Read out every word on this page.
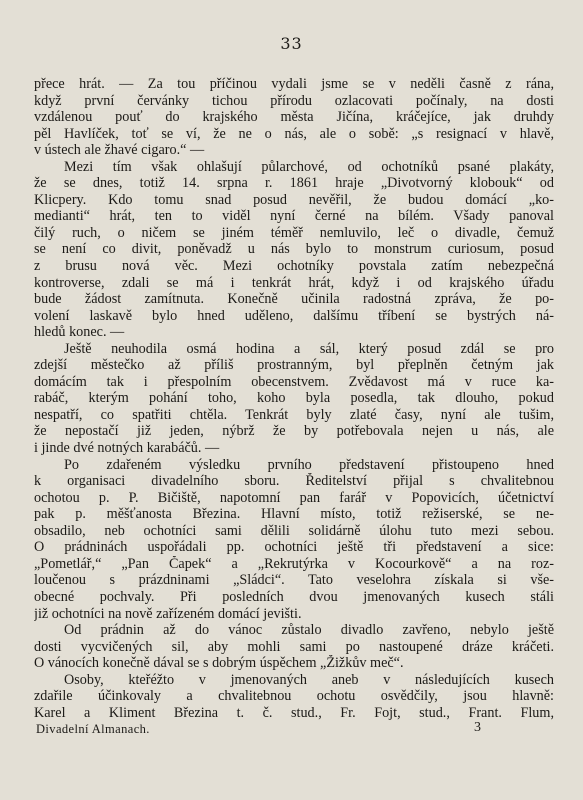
33
přece hrát. — Za tou příčinou vydali jsme se v neděli časně z rána,
když první červánky tichou přírodu ozlacovati počínaly, na dosti
vzdálenou pouť do krajského města Jičína, kráčejíce, jak druhdy
pěl Havlíček, toť se ví, že ne o nás, ale o sobě: „s resignací v hlavě,
v ústech ale žhavé cigaro.“ —
Mezi tím však ohlašují půlarchové, od ochotníků psané plakáty,
že se dnes, totiž 14. srpna r. 1861 hraje „Divotvorný klobouk“ od
Klicpery. Kdo tomu snad posud nevěřil, že budou domácí „ko-
medianti“ hrát, ten to viděl nyní černé na bílém. Všady panoval
čilý ruch, o ničem se jiném téměř nemluvilo, leč o divadle, čemuž
se není co divit, poněvadž u nás bylo to monstrum curiosum, posud
z brusu nová věc. Mezi ochotníky povstala zatím nebezpečná
kontroverse, zdali se má i tenkrát hrát, když i od krajského úřadu
bude žádost zamítnuta. Konečně učinila radostná zpráva, že po-
volení laskavě bylo hned uděleno, dalšímu tříbení se bystrých ná-
hledů konec. —
Ještě neuhodila osmá hodina a sál, který posud zdál se pro
zdejší městečko až příliš prostranným, byl přeplněn četným jak
domácím tak i přespolním obecenstvem. Zvědavost má v ruce ka-
rabáč, kterým pohání toho, koho byla posedla, tak dlouho, pokud
nespatří, co spatřiti chtěla. Tenkrát byly zlaté časy, nyní ale tušim,
že nepostačí již jeden, nýbrž že by potřebovala nejen u nás, ale
i jinde dvé notných karabáčů. —
Po zdařeném výsledku prvního představení přistoupeno hned
k organisaci divadelního sboru. Ředitelství přijal s chvalitebnou
ochotou p. P. Bičiště, napotomní pan farář v Popovicích, účetnictví
pak p. měšťanosta Březina. Hlavní místo, totiž režiserské, se ne-
obsadilo, neb ochotníci sami dělili solidárně úlohu tuto mezi sebou.
O prádninách uspořádali pp. ochotníci ještě tři představení a sice:
„Pometlář,“ „Pan Čapek“ a „Rekrutýrka v Kocourkově“ a na roz-
loučenou s prázdninami „Sládci“. Tato veselohra získala si vše-
obecné pochvaly. Při posledních dvou jmenovaných kusech stáli
již ochotníci na nově zařízeném domácí jevišti.
Od prádnin až do vánoc zůstalo divadlo zavřeno, nebylo ještě
dosti vycvičených sil, aby mohli sami po nastoupené dráze kráčeti.
O vánocích konečně dával se s dobrým úspěchem „Žižkův meč“.
Osoby, kteřéžto v jmenovaných aneb v následujících kusech
zdařile účinkovaly a chvalitebnou ochotu osvědčily, jsou hlavně:
Karel a Kliment Březina t. č. stud., Fr. Fojt, stud., Frant. Flum,
Divadelní Almanach.	3
